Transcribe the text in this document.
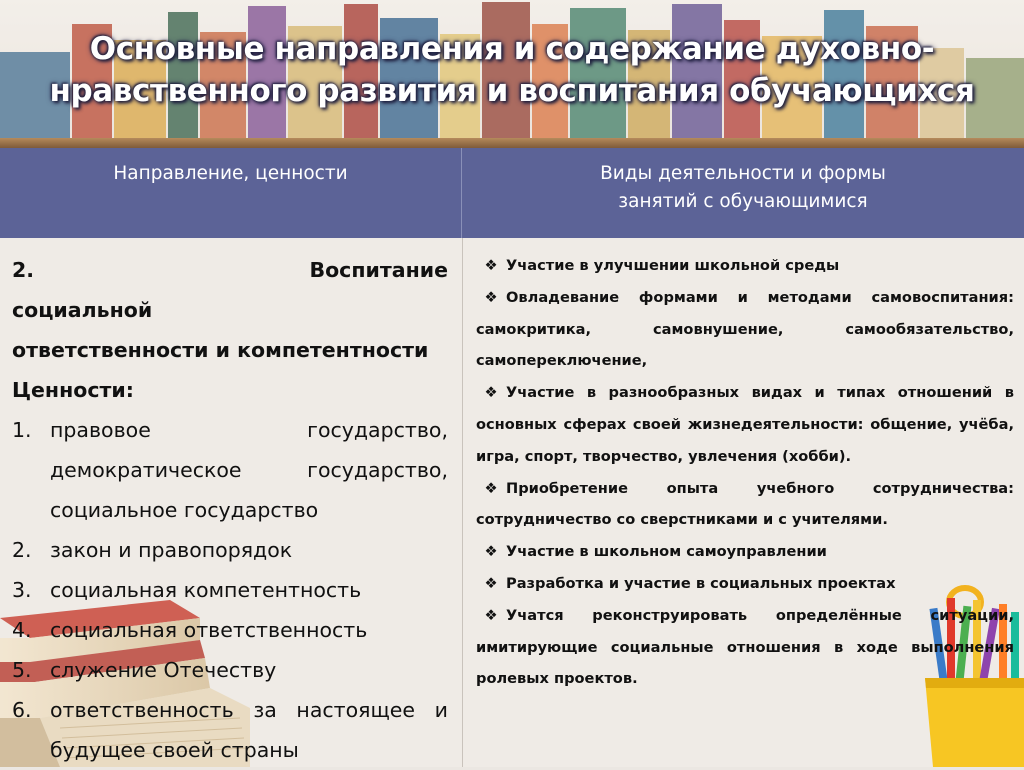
Основные направления и содержание духовно-
нравственного развития и воспитания обучающихся
Направление, ценности	Виды деятельности и формы
занятий с обучающимися
2.	Воспитание социальной
ответственности и компетентности
Ценности:
1. правовое государство, демократическое государство, социальное государство
2. закон и правопорядок
3. социальная компетентность
4. социальная ответственность
5. служение Отечеству
6. ответственность за настоящее и будущее своей страны
❖ Участие в улучшении школьной среды
❖ Овладевание формами и методами самовоспитания: самокритика, самовнушение, самообязательство, самопереключение,
❖ Участие в разнообразных видах и типах отношений в основных сферах своей жизнедеятельности: общение, учёба, игра, спорт, творчество, увлечения (хобби).
❖ Приобретение опыта учебного сотрудничества: сотрудничество со сверстниками и с учителями.
❖ Участие в школьном самоуправлении
❖ Разработка и участие в социальных проектах
❖ Учатся реконструировать определённые ситуации, имитирующие социальные отношения в ходе выполнения ролевых проектов.
